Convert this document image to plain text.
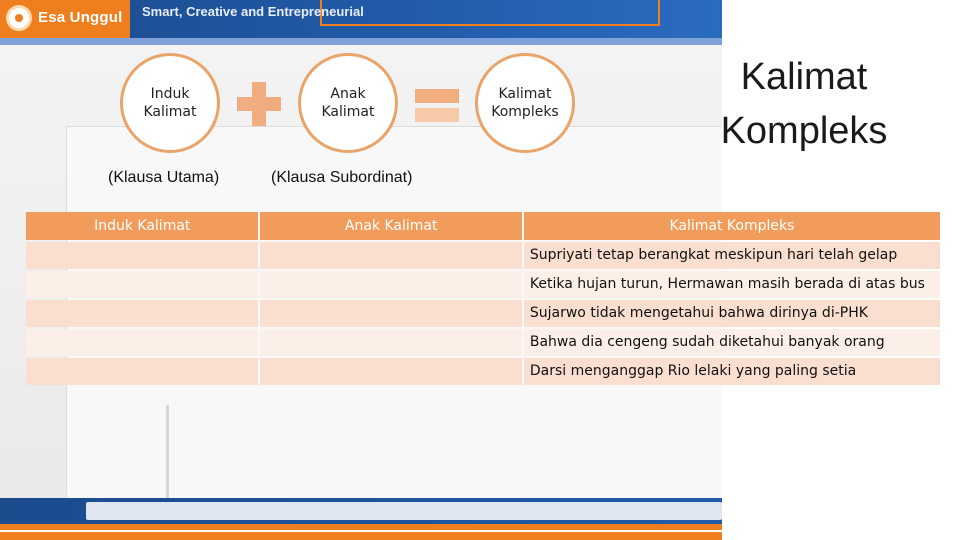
Esa Unggul Smart, Creative and Entrepreneurial
Induk Kalimat
Anak Kalimat
Kalimat Kompleks
Kalimat Kompleks
(Klausa Utama)	(Klausa Subordinat)
Induk Kalimat	Anak Kalimat	Kalimat Kompleks
		Supriyati tetap berangkat meskipun hari telah gelap
		Ketika hujan turun, Hermawan masih berada di atas bus
		Sujarwo tidak mengetahui bahwa dirinya di-PHK
		Bahwa dia cengeng sudah diketahui banyak orang
		Darsi menganggap Rio lelaki yang paling setia
